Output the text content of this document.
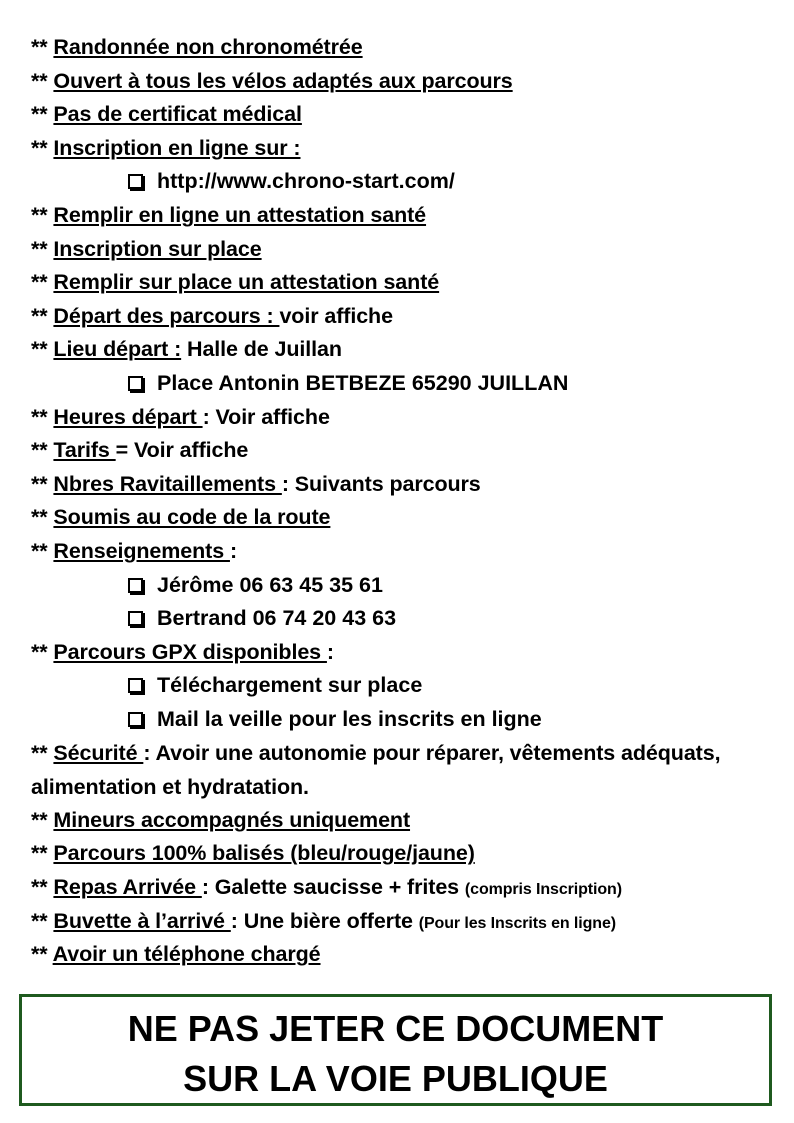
** Randonnée non chronométrée
** Ouvert à tous les vélos adaptés aux parcours
** Pas de certificat médical
** Inscription en ligne sur :
http://www.chrono-start.com/
** Remplir en ligne un attestation santé
** Inscription sur place
** Remplir sur place un attestation santé
** Départ des parcours : voir affiche
** Lieu départ : Halle de Juillan
Place Antonin BETBEZE 65290 JUILLAN
** Heures départ : Voir affiche
** Tarifs = Voir affiche
** Nbres Ravitaillements : Suivants parcours
** Soumis au code de la route
** Renseignements :
Jérôme 06 63 45 35 61
Bertrand 06 74 20 43 63
** Parcours GPX disponibles :
Téléchargement sur place
Mail la veille pour les inscrits en ligne
** Sécurité : Avoir une autonomie pour réparer, vêtements adéquats, alimentation et hydratation.
** Mineurs accompagnés uniquement
** Parcours 100% balisés (bleu/rouge/jaune)
** Repas Arrivée : Galette saucisse + frites (compris Inscription)
** Buvette à l’arrivé : Une bière offerte (Pour les Inscrits en ligne)
** Avoir un téléphone chargé
NE PAS JETER CE DOCUMENT
SUR LA VOIE PUBLIQUE
